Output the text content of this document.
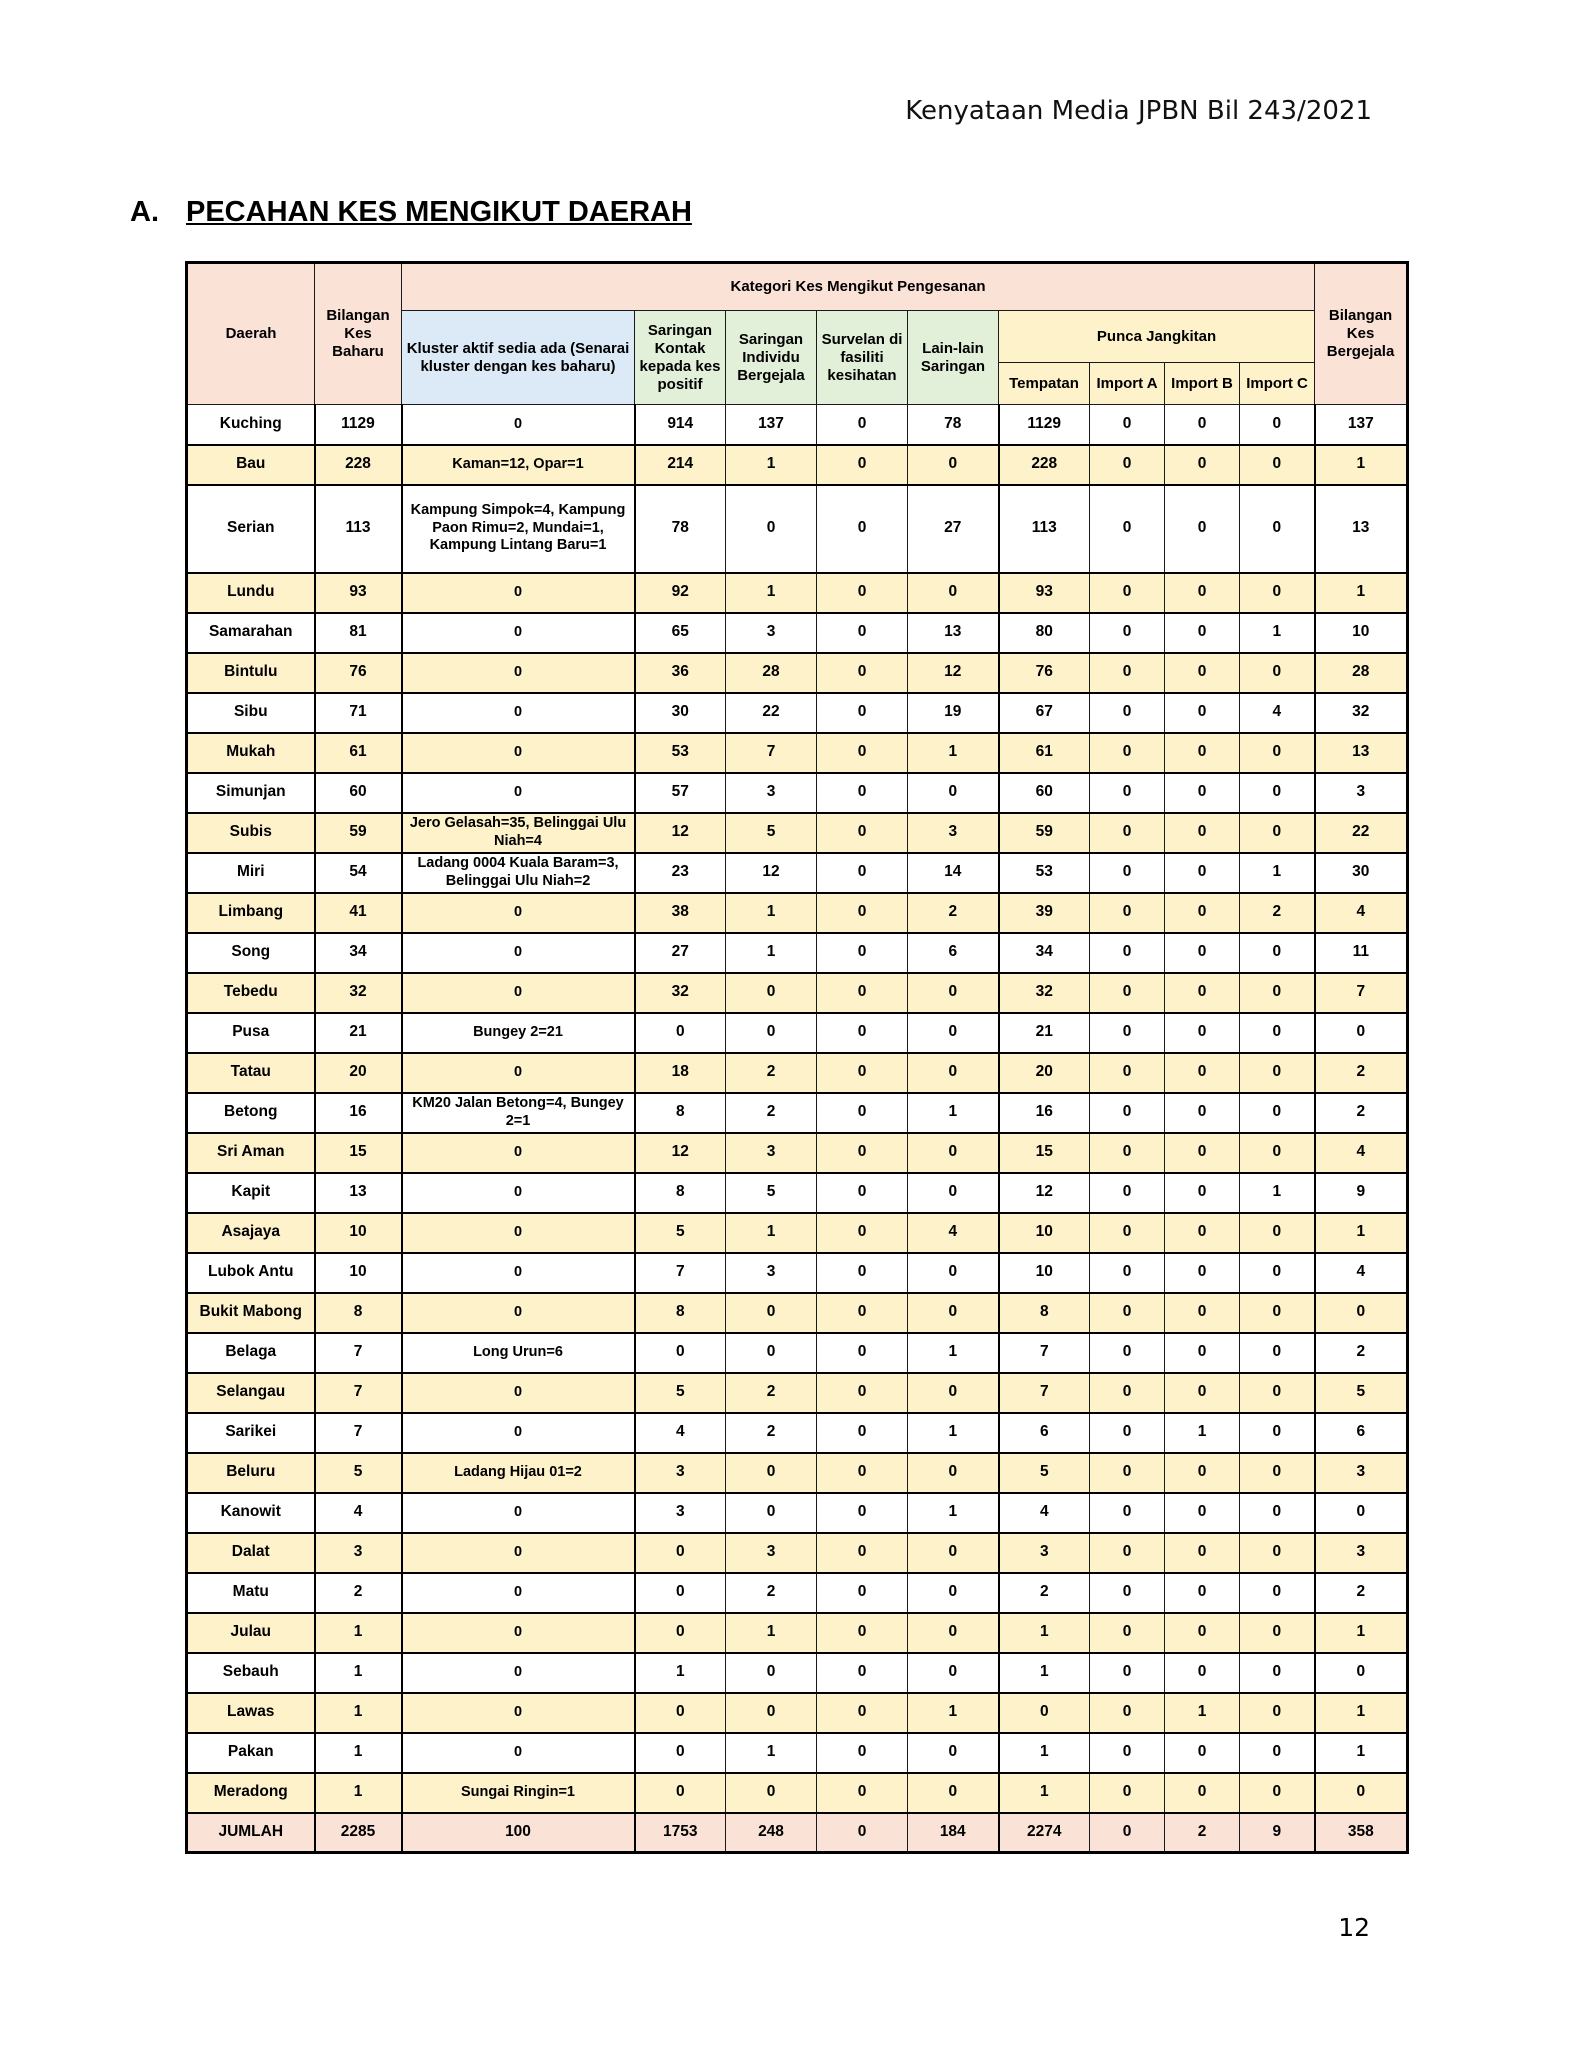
Kenyataan Media JPBN Bil 243/2021
A. PECAHAN KES MENGIKUT DAERAH
Daerah	Bilangan Kes Baharu	Kategori Kes Mengikut Pengesanan									Bilangan Kes Bergejala
		Kluster aktif sedia ada (Senarai kluster dengan kes baharu)	Saringan Kontak kepada kes positif	Saringan Individu Bergejala	Survelan di fasiliti kesihatan	Lain-lain Saringan	Punca Jangkitan				
							Tempatan	Import A	Import B	Import C	
Kuching	1129	0	914	137	0	78	1129	0	0	0	137
Bau	228	Kaman=12, Opar=1	214	1	0	0	228	0	0	0	1
Serian	113	Kampung Simpok=4, Kampung Paon Rimu=2, Mundai=1, Kampung Lintang Baru=1	78	0	0	27	113	0	0	0	13
Lundu	93	0	92	1	0	0	93	0	0	0	1
Samarahan	81	0	65	3	0	13	80	0	0	1	10
Bintulu	76	0	36	28	0	12	76	0	0	0	28
Sibu	71	0	30	22	0	19	67	0	0	4	32
Mukah	61	0	53	7	0	1	61	0	0	0	13
Simunjan	60	0	57	3	0	0	60	0	0	0	3
Subis	59	Jero Gelasah=35, Belinggai Ulu Niah=4	12	5	0	3	59	0	0	0	22
Miri	54	Ladang 0004 Kuala Baram=3, Belinggai Ulu Niah=2	23	12	0	14	53	0	0	1	30
Limbang	41	0	38	1	0	2	39	0	0	2	4
Song	34	0	27	1	0	6	34	0	0	0	11
Tebedu	32	0	32	0	0	0	32	0	0	0	7
Pusa	21	Bungey 2=21	0	0	0	0	21	0	0	0	0
Tatau	20	0	18	2	0	0	20	0	0	0	2
Betong	16	KM20 Jalan Betong=4, Bungey 2=1	8	2	0	1	16	0	0	0	2
Sri Aman	15	0	12	3	0	0	15	0	0	0	4
Kapit	13	0	8	5	0	0	12	0	0	1	9
Asajaya	10	0	5	1	0	4	10	0	0	0	1
Lubok Antu	10	0	7	3	0	0	10	0	0	0	4
Bukit Mabong	8	0	8	0	0	0	8	0	0	0	0
Belaga	7	Long Urun=6	0	0	0	1	7	0	0	0	2
Selangau	7	0	5	2	0	0	7	0	0	0	5
Sarikei	7	0	4	2	0	1	6	0	1	0	6
Beluru	5	Ladang Hijau 01=2	3	0	0	0	5	0	0	0	3
Kanowit	4	0	3	0	0	1	4	0	0	0	0
Dalat	3	0	0	3	0	0	3	0	0	0	3
Matu	2	0	0	2	0	0	2	0	0	0	2
Julau	1	0	0	1	0	0	1	0	0	0	1
Sebauh	1	0	1	0	0	0	1	0	0	0	0
Lawas	1	0	0	0	0	1	0	0	1	0	1
Pakan	1	0	0	1	0	0	1	0	0	0	1
Meradong	1	Sungai Ringin=1	0	0	0	0	1	0	0	0	0
JUMLAH	2285	100	1753	248	0	184	2274	0	2	9	358
12
